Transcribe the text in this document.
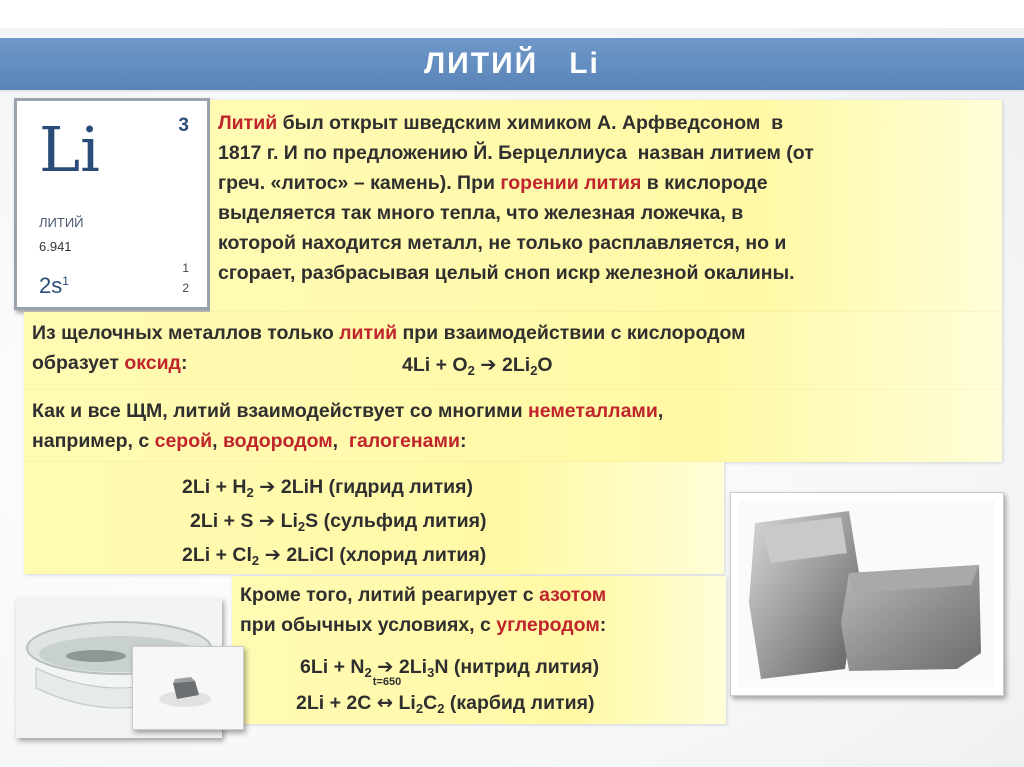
ЛИТИЙ Li
Li	3
ЛИТИЙ
6.941
$2s^1$
1
2
Литий был открыт шведским химиком А. Арфведсоном  в
1817 г. И по предложению Й. Берцеллиуса  назван литием (от
греч. «литос» – камень). При горении лития в кислороде
выделяется так много тепла, что железная ложечка, в
которой находится металл, не только расплавляется, но и
сгорает, разбрасывая целый сноп искр железной окалины.
Из щелочных металлов только литий при взаимодействии с кислородом
образует оксид:	$4Li + O_2$ ➔ $2Li_2O$
Как и все ЩМ, литий взаимодействует со многими неметаллами,
например, с серой, водородом,  галогенами:
$2Li + H_2$ ➔ 2LiH (гидрид лития)
2Li + S ➔ $Li_2S$ (сульфид лития)
$2Li + Cl_2$ ➔ 2LiCl (хлорид лития)
Кроме того, литий реагирует с азотом
при обычных условиях, с углеродом:
$6Li + N_2$ ➔ $2Li_3N$ (нитрид лития)
2Li + 2C
t=650
↔ $Li_2C_2$ (карбид лития)
